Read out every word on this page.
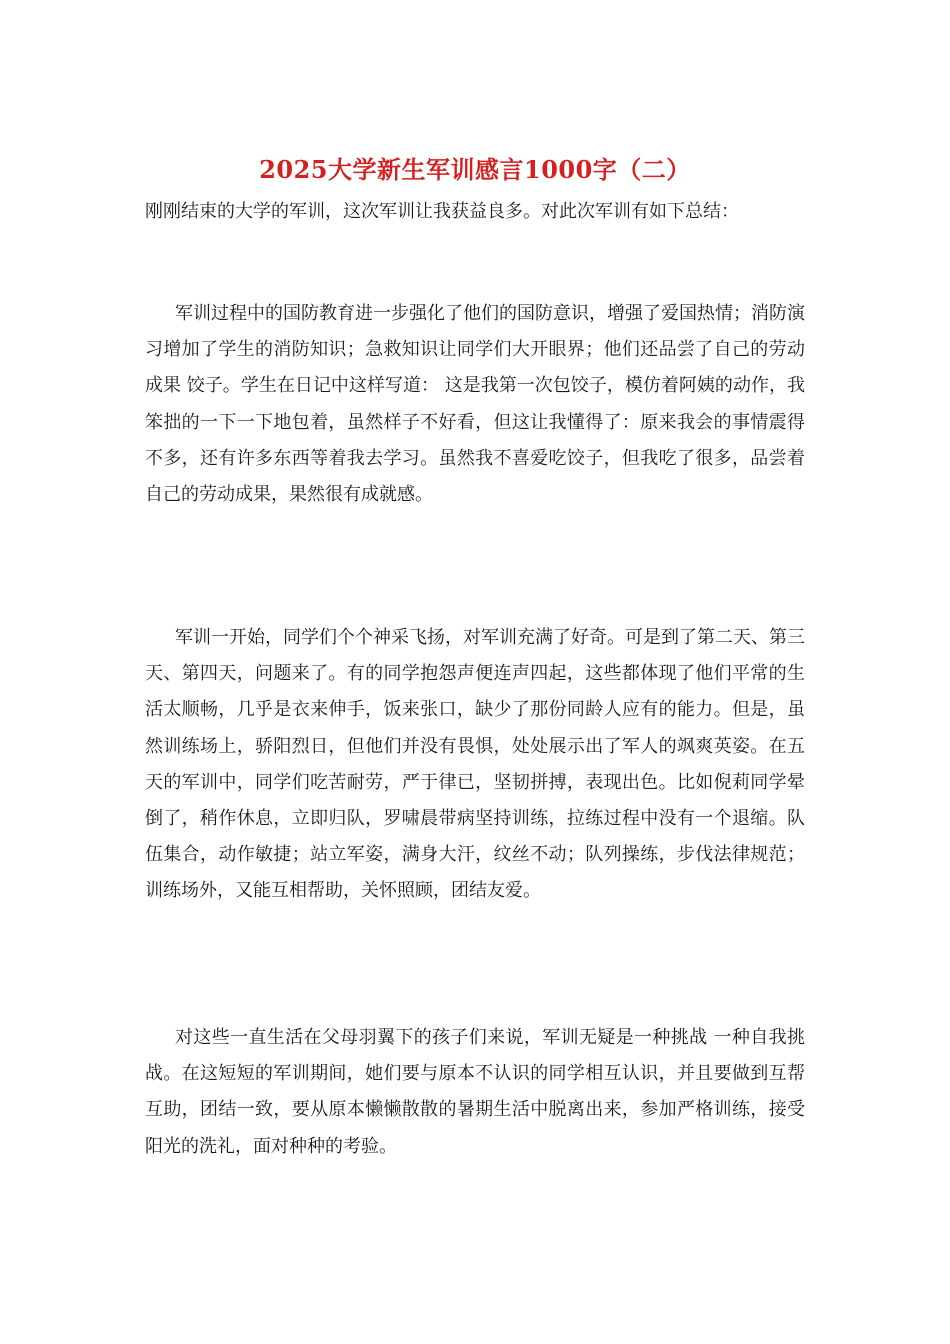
2025大学新生军训感言1000字（二）

刚刚结束的大学的军训，这次军训让我获益良多。对此次军训有如下总结：

军训过程中的国防教育进一步强化了他们的国防意识，增强了爱国热情；消防演习增加了学生的消防知识；急救知识让同学们大开眼界；他们还品尝了自己的劳动成果 饺子。学生在日记中这样写道： 这是我第一次包饺子，模仿着阿姨的动作，我笨拙的一下一下地包着，虽然样子不好看，但这让我懂得了：原来我会的事情震得不多，还有许多东西等着我去学习。虽然我不喜爱吃饺子，但我吃了很多，品尝着自己的劳动成果，果然很有成就感。

军训一开始，同学们个个神采飞扬，对军训充满了好奇。可是到了第二天、第三天、第四天，问题来了。有的同学抱怨声便连声四起，这些都体现了他们平常的生活太顺畅，几乎是衣来伸手，饭来张口，缺少了那份同龄人应有的能力。但是，虽然训练场上，骄阳烈日，但他们并没有畏惧，处处展示出了军人的飒爽英姿。在五天的军训中，同学们吃苦耐劳，严于律已，坚韧拼搏，表现出色。比如倪莉同学晕倒了，稍作休息，立即归队，罗啸晨带病坚持训练，拉练过程中没有一个退缩。队伍集合，动作敏捷；站立军姿，满身大汗，纹丝不动；队列操练，步伐法律规范；训练场外，又能互相帮助，关怀照顾，团结友爱。

对这些一直生活在父母羽翼下的孩子们来说，军训无疑是一种挑战 一种自我挑战。在这短短的军训期间，她们要与原本不认识的同学相互认识，并且要做到互帮互助，团结一致，要从原本懒懒散散的暑期生活中脱离出来，参加严格训练，接受阳光的洗礼，面对种种的考验。
